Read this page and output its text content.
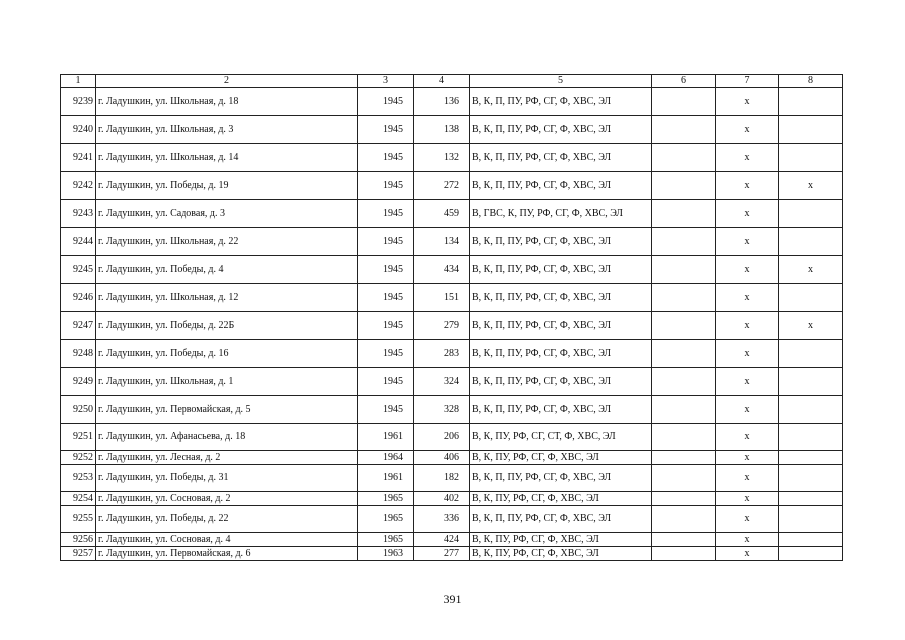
1	2	3	4	5	6	7	8
9239	г. Ладушкин, ул. Школьная, д. 18	1945	136	В, К, П, ПУ, РФ, СГ, Ф, ХВС, ЭЛ		x	
9240	г. Ладушкин, ул. Школьная, д. 3	1945	138	В, К, П, ПУ, РФ, СГ, Ф, ХВС, ЭЛ		x	
9241	г. Ладушкин, ул. Школьная, д. 14	1945	132	В, К, П, ПУ, РФ, СГ, Ф, ХВС, ЭЛ		x	
9242	г. Ладушкин, ул. Победы, д. 19	1945	272	В, К, П, ПУ, РФ, СГ, Ф, ХВС, ЭЛ		x	x
9243	г. Ладушкин, ул. Садовая, д. 3	1945	459	В, ГВС, К, ПУ, РФ, СГ, Ф, ХВС, ЭЛ		x	
9244	г. Ладушкин, ул. Школьная, д. 22	1945	134	В, К, П, ПУ, РФ, СГ, Ф, ХВС, ЭЛ		x	
9245	г. Ладушкин, ул. Победы, д. 4	1945	434	В, К, П, ПУ, РФ, СГ, Ф, ХВС, ЭЛ		x	x
9246	г. Ладушкин, ул. Школьная, д. 12	1945	151	В, К, П, ПУ, РФ, СГ, Ф, ХВС, ЭЛ		x	
9247	г. Ладушкин, ул. Победы, д. 22Б	1945	279	В, К, П, ПУ, РФ, СГ, Ф, ХВС, ЭЛ		x	x
9248	г. Ладушкин, ул. Победы, д. 16	1945	283	В, К, П, ПУ, РФ, СГ, Ф, ХВС, ЭЛ		x	
9249	г. Ладушкин, ул. Школьная, д. 1	1945	324	В, К, П, ПУ, РФ, СГ, Ф, ХВС, ЭЛ		x	
9250	г. Ладушкин, ул. Первомайская, д. 5	1945	328	В, К, П, ПУ, РФ, СГ, Ф, ХВС, ЭЛ		x	
9251	г. Ладушкин, ул. Афанасьева, д. 18	1961	206	В, К, ПУ, РФ, СГ, СТ, Ф, ХВС, ЭЛ		x	
9252	г. Ладушкин, ул. Лесная, д. 2	1964	406	В, К, ПУ, РФ, СГ, Ф, ХВС, ЭЛ		x	
9253	г. Ладушкин, ул. Победы, д. 31	1961	182	В, К, П, ПУ, РФ, СГ, Ф, ХВС, ЭЛ		x	
9254	г. Ладушкин, ул. Сосновая, д. 2	1965	402	В, К, ПУ, РФ, СГ, Ф, ХВС, ЭЛ		x	
9255	г. Ладушкин, ул. Победы, д. 22	1965	336	В, К, П, ПУ, РФ, СГ, Ф, ХВС, ЭЛ		x	
9256	г. Ладушкин, ул. Сосновая, д. 4	1965	424	В, К, ПУ, РФ, СГ, Ф, ХВС, ЭЛ		x	
9257	г. Ладушкин, ул. Первомайская, д. 6	1963	277	В, К, ПУ, РФ, СГ, Ф, ХВС, ЭЛ		x	
391
